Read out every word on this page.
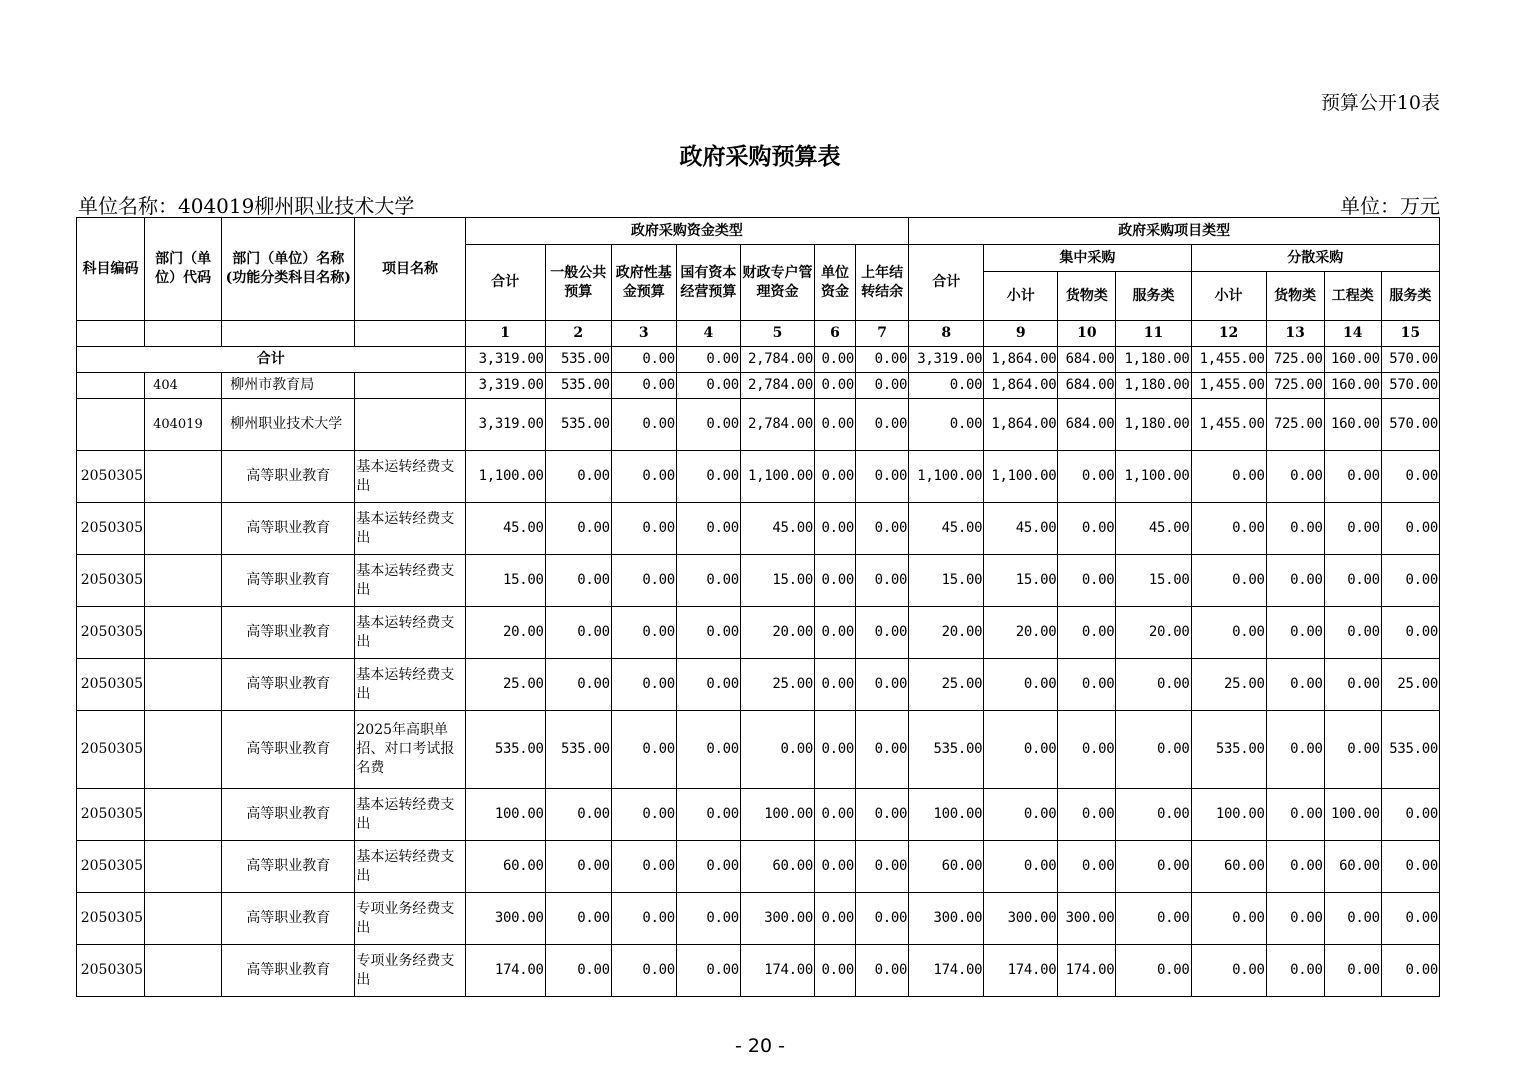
预算公开10表
政府采购预算表
单位名称：404019柳州职业技术大学	单位：万元
科目编码	部门（单位）代码	部门（单位）名称(功能分类科目名称)	项目名称	政府采购资金类型							政府采购项目类型							
				合计	一般公共预算	政府性基金预算	国有资本经营预算	财政专户管理资金	单位资金	上年结转结余	合计	集中采购			分散采购			
												小计	货物类	服务类	小计	货物类	工程类	服务类
				1	2	3	4	5	6	7	8	9	10	11	12	13	14	15
合计				3,319.00	535.00	0.00	0.00	2,784.00	0.00	0.00	3,319.00	1,864.00	684.00	1,180.00	1,455.00	725.00	160.00	570.00
	404	柳州市教育局		3,319.00	535.00	0.00	0.00	2,784.00	0.00	0.00	0.00	1,864.00	684.00	1,180.00	1,455.00	725.00	160.00	570.00
	404019	柳州职业技术大学		3,319.00	535.00	0.00	0.00	2,784.00	0.00	0.00	0.00	1,864.00	684.00	1,180.00	1,455.00	725.00	160.00	570.00
2050305		高等职业教育	基本运转经费支出	1,100.00	0.00	0.00	0.00	1,100.00	0.00	0.00	1,100.00	1,100.00	0.00	1,100.00	0.00	0.00	0.00	0.00
2050305		高等职业教育	基本运转经费支出	45.00	0.00	0.00	0.00	45.00	0.00	0.00	45.00	45.00	0.00	45.00	0.00	0.00	0.00	0.00
2050305		高等职业教育	基本运转经费支出	15.00	0.00	0.00	0.00	15.00	0.00	0.00	15.00	15.00	0.00	15.00	0.00	0.00	0.00	0.00
2050305		高等职业教育	基本运转经费支出	20.00	0.00	0.00	0.00	20.00	0.00	0.00	20.00	20.00	0.00	20.00	0.00	0.00	0.00	0.00
2050305		高等职业教育	基本运转经费支出	25.00	0.00	0.00	0.00	25.00	0.00	0.00	25.00	0.00	0.00	0.00	25.00	0.00	0.00	25.00
2050305		高等职业教育	2025年高职单招、对口考试报名费	535.00	535.00	0.00	0.00	0.00	0.00	0.00	535.00	0.00	0.00	0.00	535.00	0.00	0.00	535.00
2050305		高等职业教育	基本运转经费支出	100.00	0.00	0.00	0.00	100.00	0.00	0.00	100.00	0.00	0.00	0.00	100.00	0.00	100.00	0.00
2050305		高等职业教育	基本运转经费支出	60.00	0.00	0.00	0.00	60.00	0.00	0.00	60.00	0.00	0.00	0.00	60.00	0.00	60.00	0.00
2050305		高等职业教育	专项业务经费支出	300.00	0.00	0.00	0.00	300.00	0.00	0.00	300.00	300.00	300.00	0.00	0.00	0.00	0.00	0.00
2050305		高等职业教育	专项业务经费支出	174.00	0.00	0.00	0.00	174.00	0.00	0.00	174.00	174.00	174.00	0.00	0.00	0.00	0.00	0.00
- 20 -
